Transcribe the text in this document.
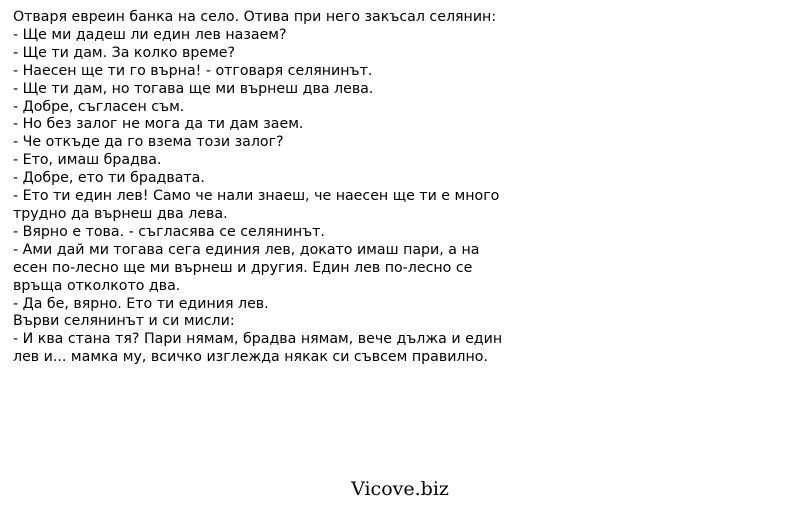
Отваря евреин банка на село. Отива при него закъсал селянин:
- Ще ми дадеш ли един лев назаем?
- Ще ти дам. За колко време?
- Наесен ще ти го върна! - отговаря селянинът.
- Ще ти дам, но тогава ще ми върнеш два лева.
- Добре, съгласен съм.
- Но без залог не мога да ти дам заем.
- Че откъде да го взема този залог?
- Ето, имаш брадва.
- Добре, ето ти брадвата.
- Ето ти един лев! Само че нали знаеш, че наесен ще ти е много
трудно да върнеш два лева.
- Вярно е това. - съгласява се селянинът.
- Ами дай ми тогава сега единия лев, докато имаш пари, а на
есен по-лесно ще ми върнеш и другия. Един лев по-лесно се
връща отколкото два.
- Да бе, вярно. Ето ти единия лев.
Върви селянинът и си мисли:
- И ква стана тя? Пари нямам, брадва нямам, вече дължа и един
лев и... мамка му, всичко изглежда някак си съвсем правилно.
Vicove.biz
